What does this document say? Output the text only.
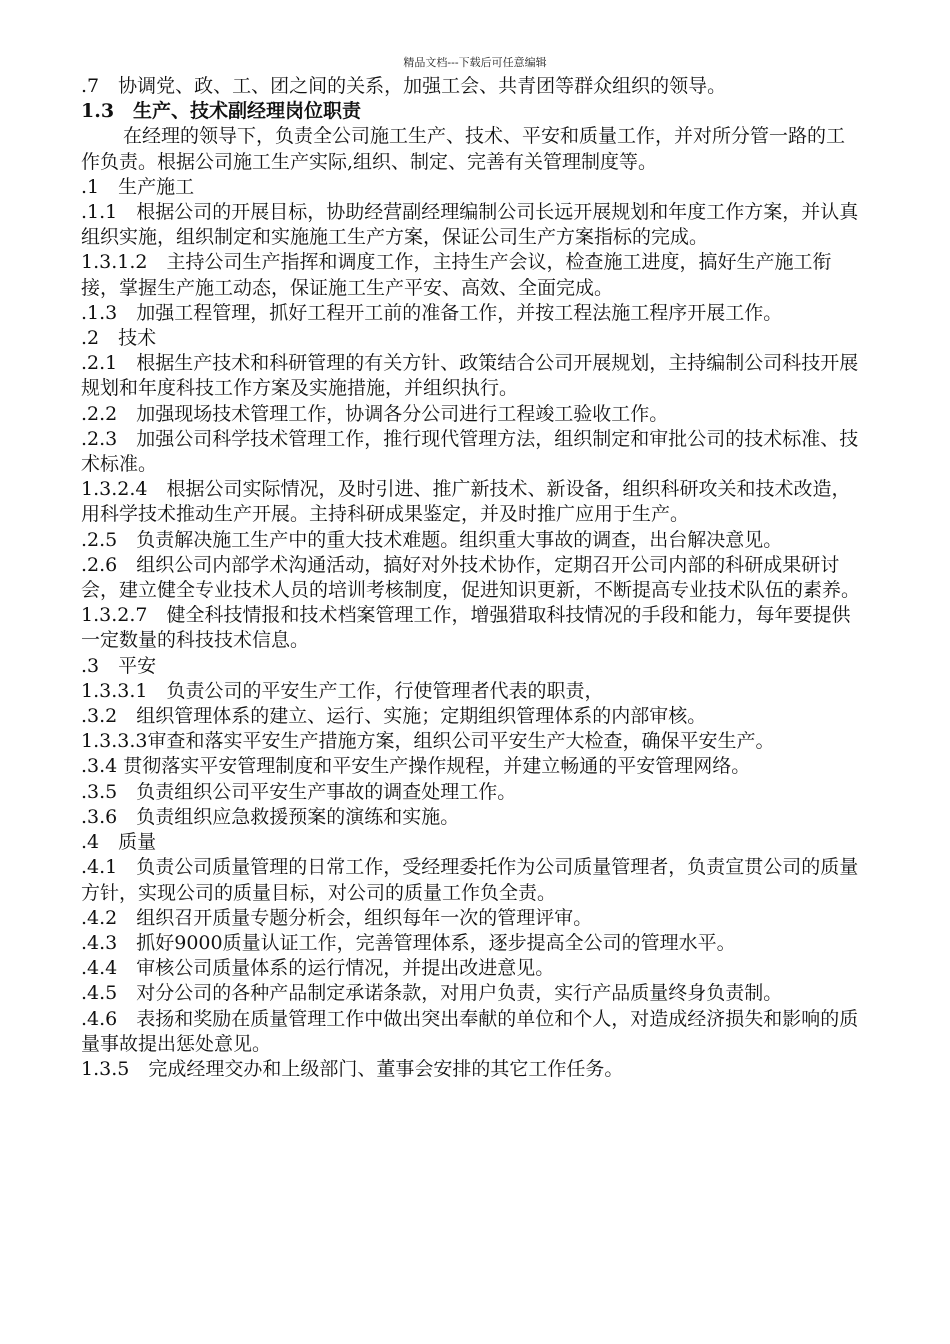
精品文档---下载后可任意编辑

.7　协调党、政、工、团之间的关系，加强工会、共青团等群众组织的领导。

1.3　生产、技术副经理岗位职责

在经理的领导下，负责全公司施工生产、技术、平安和质量工作，并对所分管一路的工作负责。根据公司施工生产实际,组织、制定、完善有关管理制度等。

.1　生产施工

.1.1　根据公司的开展目标，协助经营副经理编制公司长远开展规划和年度工作方案，并认真组织实施，组织制定和实施施工生产方案，保证公司生产方案指标的完成。

1.3.1.2　主持公司生产指挥和调度工作，主持生产会议，检查施工进度，搞好生产施工衔接，掌握生产施工动态，保证施工生产平安、高效、全面完成。

.1.3　加强工程管理，抓好工程开工前的准备工作，并按工程法施工程序开展工作。

.2　技术

.2.1　根据生产技术和科研管理的有关方针、政策结合公司开展规划，主持编制公司科技开展规划和年度科技工作方案及实施措施，并组织执行。

.2.2　加强现场技术管理工作，协调各分公司进行工程竣工验收工作。

.2.3　加强公司科学技术管理工作，推行现代管理方法，组织制定和审批公司的技术标准、技术标准。

1.3.2.4　根据公司实际情况，及时引进、推广新技术、新设备，组织科研攻关和技术改造，用科学技术推动生产开展。主持科研成果鉴定，并及时推广应用于生产。

.2.5　负责解决施工生产中的重大技术难题。组织重大事故的调查，出台解决意见。

.2.6　组织公司内部学术沟通活动，搞好对外技术协作，定期召开公司内部的科研成果研讨会，建立健全专业技术人员的培训考核制度，促进知识更新，不断提高专业技术队伍的素养。

1.3.2.7　健全科技情报和技术档案管理工作，增强猎取科技情况的手段和能力，每年要提供一定数量的科技技术信息。

.3　平安

1.3.3.1　负责公司的平安生产工作，行使管理者代表的职责，

.3.2　组织管理体系的建立、运行、实施；定期组织管理体系的内部审核。

1.3.3.3审查和落实平安生产措施方案，组织公司平安生产大检查，确保平安生产。

.3.4 贯彻落实平安管理制度和平安生产操作规程，并建立畅通的平安管理网络。

.3.5　负责组织公司平安生产事故的调查处理工作。

.3.6　负责组织应急救援预案的演练和实施。

.4　质量

.4.1　负责公司质量管理的日常工作，受经理委托作为公司质量管理者，负责宣贯公司的质量方针，实现公司的质量目标，对公司的质量工作负全责。

.4.2　组织召开质量专题分析会，组织每年一次的管理评审。

.4.3　抓好9000质量认证工作，完善管理体系，逐步提高全公司的管理水平。

.4.4　审核公司质量体系的运行情况，并提出改进意见。

.4.5　对分公司的各种产品制定承诺条款，对用户负责，实行产品质量终身负责制。

.4.6　表扬和奖励在质量管理工作中做出突出奉献的单位和个人，对造成经济损失和影响的质量事故提出惩处意见。

1.3.5　完成经理交办和上级部门、董事会安排的其它工作任务。
